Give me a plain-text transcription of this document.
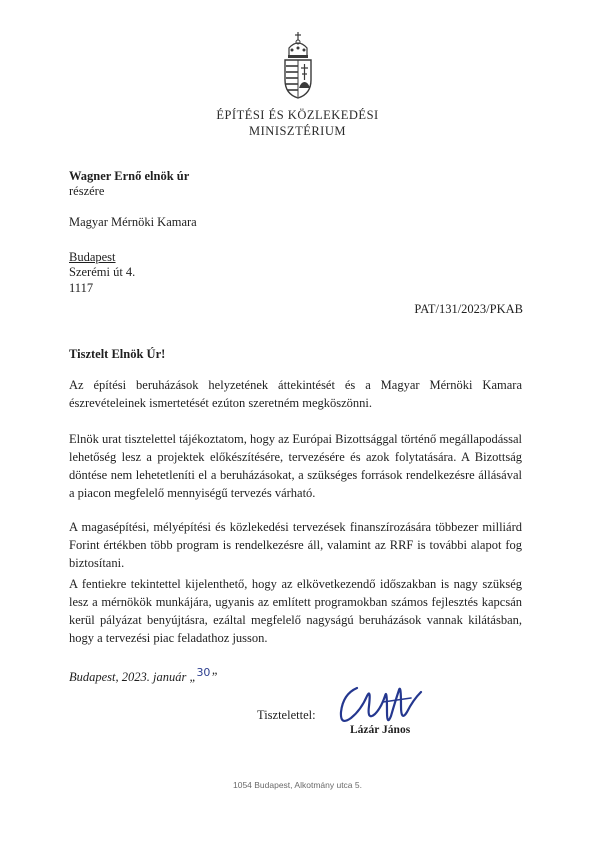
ÉPÍTÉSI ÉS KÖZLEKEDÉSI
MINISZTÉRIUM
Wagner Ernő elnök úr
részére
Magyar Mérnöki Kamara
Budapest
Szerémi út 4.
1117
PAT/131/2023/PKAB
Tisztelt Elnök Úr!
Az építési beruházások helyzetének áttekintését és a Magyar Mérnöki Kamara észrevételeinek ismertetését ezúton szeretném megköszönni.
Elnök urat tisztelettel tájékoztatom, hogy az Európai Bizottsággal történő megállapodással lehetőség lesz a projektek előkészítésére, tervezésére és azok folytatására. A Bizottság döntése nem lehetetleníti el a beruházásokat, a szükséges források rendelkezésre állásával a piacon megfelelő mennyiségű tervezés várható.
A magasépítési, mélyépítési és közlekedési tervezések finanszírozására többezer milliárd Forint értékben több program is rendelkezésre áll, valamint az RRF is további alapot fog biztosítani.
A fentiekre tekintettel kijelenthető, hogy az elkövetkezendő időszakban is nagy szükség lesz a mérnökök munkájára, ugyanis az említett programokban számos fejlesztés kapcsán kerül pályázat benyújtásra, ezáltal megfelelő nagyságú beruházások vannak kilátásban, hogy a tervezési piac feladathoz jusson.
Budapest, 2023. január „30”
Tisztelettel:
Lázár János
1054 Budapest, Alkotmány utca 5.
